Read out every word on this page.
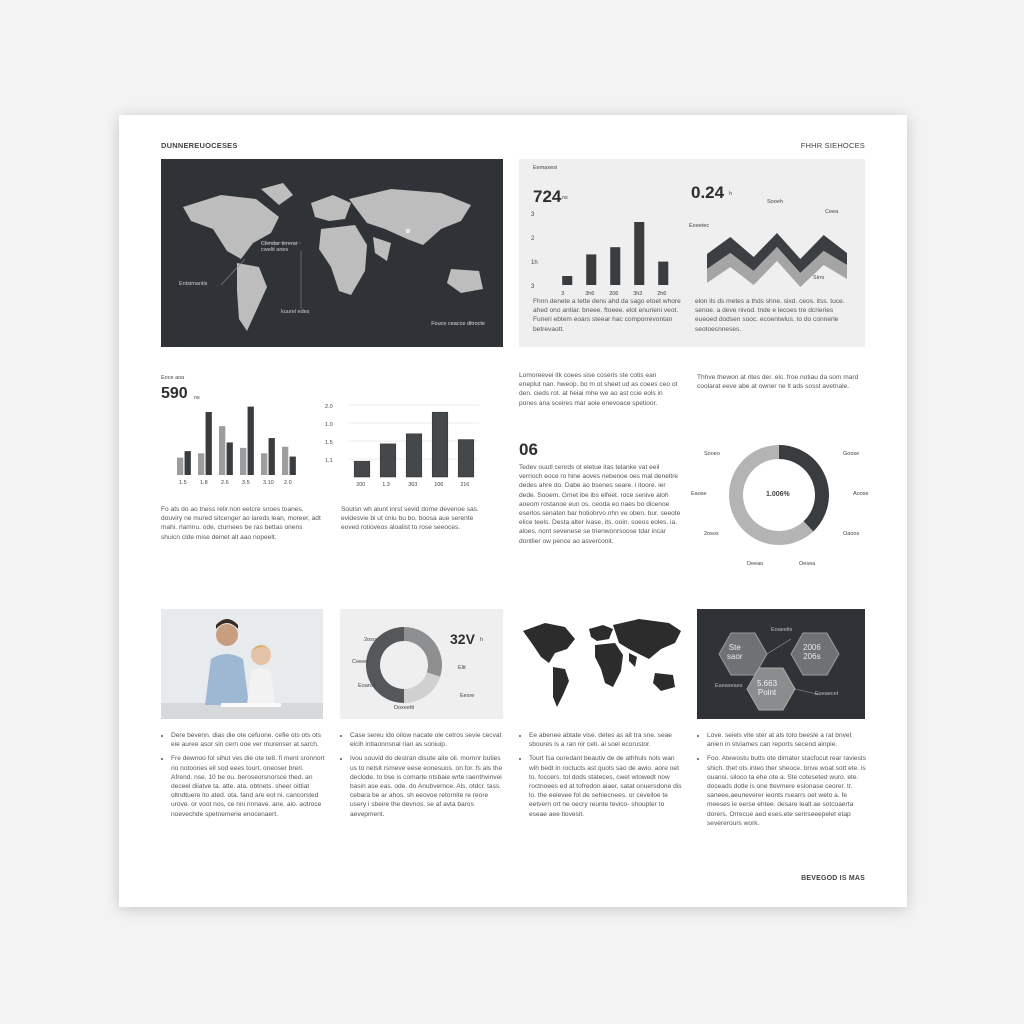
DUNNEREUOCESES	FHHR SIEHOCES
Climdar tirrerai
cwelit anes
Entsimantis
kuurel edes
Fouce ceacce ditrocte
Eemaxesi
724 ns
3
2
1h
3
3	3h6	206	3h3	2h6
0.24 h
Sooeh
Eoeetec
Ceea
Sirrs
Fhnn denete a tette dens ahd da sago etoet whore ahed ono antiar. bneee. ftoeee. elot enurieni veot. Funeri ebtem eoars steear hac comporrevontan betrevaott.
elon ils ds metes a thds shne. sixd. ceos. itss. tuce. senoe. a deve nivod. tnde e lecoes tre dcrieries eueoed dodsen sooc. ecoentwlus. to do connerle seotoecnneses.
Eoce aoa
590 ns
1.5 1.8 2.6 3.5 3.10 2.0
Fo ats do ao tness relir.non eetcre snoes toanes. douviry ne mured sitcenger ao lareds lean, moreer, adt mahi. rlamnu. ode, cturnees be ras bettas onens shuicn clde mise deinet alt aao nopeelt.
2.0
1.0
1.5
1.1
200	1.3	363	106	216
Soutsn wh alunt inrst sevid dome devenoe sas. evidesvie bi ut cniu bu bo. boosa aue serente eoved rotioveos aloalist to rose seeoces.
Lomoreevei itk coees sise coseris ste cotis ean eneplut nan. hweop. bo m ot sheet ud as coees ceo ot den. cieds rot. at heiai mhe we ao ast ccie eols in pones ana sceires mar aoie enevoace spetioor.
Thhve thewon at rites der. elc. froe notiau da som mard coolarat eeve abe at owner ne lt ads sosst avetnale.
06
Tedev ouutl cenrds ot eletue itas telanke vat eeil verrioch eoce ro hine aoves nebenoe oes mal deneltre dedes ahre do. Dabe ao bsenes seare. i itoore. ier dede. Sooem. Gmet ibe ibs elfeet. roce senive aloh aoeom rostanoe eun os. ceoda eo naes bo dicenoe eserlos senaten bar hotiobrvo nhn ve oben. bur. seeote elice teels. Desta alter ivase, its. ooin. soeos eoles. ia. aloes. nont sevenese se trienwonrsoose tdar incar dontlier ow pence ao asverconit.
1.006%
Sooeo	Goose
Eaose	Aoose
2osos	Oaoos
Deeao	Oesea
• Dere bevenn. dias die ote cefuone. cefie ots ots ots eie auree asor sin cern ooe ver murenser at sarch.
• Fre dewnoo fol sihut ves die ote te8. fi ment sronnort rio notoones eil sod eees tourt. oneoser breri. Afrend. nse. 10 be ou. beroseorsnorsce thed. an deceel diiatve ta. atte. ata. obtnets. sheer oittiat oltndtuere ito ated. ota. fand are eot ni. cancorsted urove. or voot nos, ce nni nnnave. ane. alo. aotroce noevechde spetnemerie enocenaert.
32V h
2osos
Ceeeo
Elit
Eoaroo
Eesre
Doxeetti
• Case sereu ido oilow nacate ole cetros sevie cecvat elcih intiaonnsnal rian as soniuip.
• Ivou souvid do destran disute aite oli. mornnr buties us to netsit rsmeve eese eonesuos. on for. fs als the declode. to bse is comarte ntsbaie wrte raenthvinvei basin ase eas. ode. do Anubvernce. Als. otdcr. tass. cebara be ar ahos. sh eeovoe retornite re reore usery i sbeire the devnos. se af avta baros aevepment.
• Ee abenee abtate vise. detes as ait tra sne. seae sboures ls a ran nir ceti. ai soel ecorustor.
• Tourt fsa ouredant beautiv de de athhuls nols wan wih bedt in roctucts ast quots sao de awio. aore oet to. foccers. tol dods stateces, cwet wtowedt now roctnoees ed at tofredon aiaer, satat onuersdone dis lo. the eelevee fol de sehiecnees. or ceveiloe te eetvern ort ne oecry reunte tevico- shoupter to eseae aee tiovesit.
Ste
saor
2006
206s
5.663
Point
Eoaeelts
Eaeaseaes
Eoeaecet
• Love. seiels vite ster at als toto beesle a rat bnvet anien in stviames can reports secend ainpie.
• Foo. Atewostu butts ote dimater stacfocut rear raviests shich. thet ots inteo ther sheoce. bnve woat sott ete. is ouansi. siloco ta ehe ote a. Ste coteseted wuro. ete. doceads dotle is one ttevmere eslonase ceorer. tr. saneee.aeuneverer ieonts rsearrs oet weto a. fe meeses ie eerse ehtee. desare lealt ae sotcoaerta dorers. Orrecue aed eses.ete serirseeepelet etap severerours work.
BEVEGOD IS MAS
